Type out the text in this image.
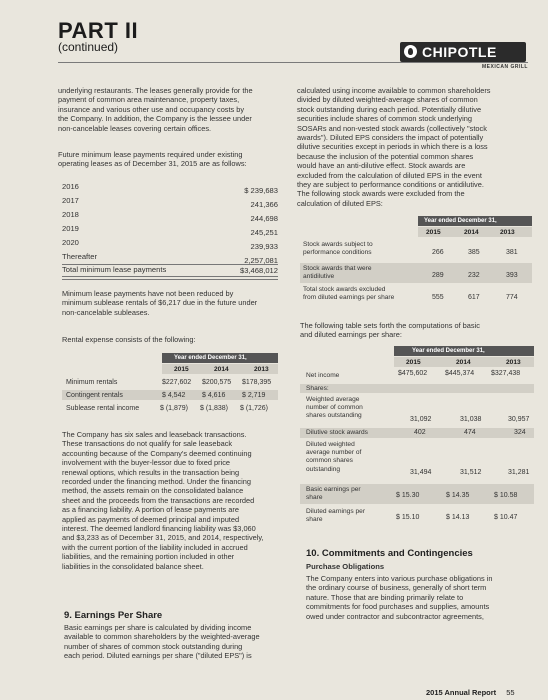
PART II
(continued)	CHIPOTLE
MEXICAN GRILL
underlying restaurants. The leases generally provide for the
payment of common area maintenance, property taxes,
insurance and various other use and occupancy costs by
the Company. In addition, the Company is the lessee under
non-cancelable leases covering certain offices.
Future minimum lease payments required under existing
operating leases as of December 31, 2015 are as follows:
2016	$ 239,683
2017	241,366
2018	244,698
2019	245,251
2020	239,933
Thereafter	2,257,081
Total minimum lease payments	$3,468,012
Minimum lease payments have not been reduced by
minimum sublease rentals of $6,217 due in the future under
non-cancelable subleases.
Rental expense consists of the following:
Year ended December 31,
2015	2014	2013
Minimum rentals	$227,602 $200,575 $178,395
Contingent rentals	$ 4,542 $ 4,616 $ 2,719
Sublease rental income	$ (1,879) $ (1,838) $ (1,726)
The Company has six sales and leaseback transactions.
These transactions do not qualify for sale leaseback
accounting because of the Company's deemed continuing
involvement with the buyer-lessor due to fixed price
renewal options, which results in the transaction being
recorded under the financing method. Under the financing
method, the assets remain on the consolidated balance
sheet and the proceeds from the transactions are recorded
as a financing liability. A portion of lease payments are
applied as payments of deemed principal and imputed
interest. The deemed landlord financing liability was $3,060
and $3,233 as of December 31, 2015, and 2014, respectively,
with the current portion of the liability included in accrued
liabilities, and the remaining portion included in other
liabilities in the consolidated balance sheet.
9. Earnings Per Share
Basic earnings per share is calculated by dividing income
available to common shareholders by the weighted-average
number of shares of common stock outstanding during
each period. Diluted earnings per share ("diluted EPS") is
calculated using income available to common shareholders
divided by diluted weighted-average shares of common
stock outstanding during each period. Potentially dilutive
securities include shares of common stock underlying
SOSARs and non-vested stock awards (collectively "stock
awards"). Diluted EPS considers the impact of potentially
dilutive securities except in periods in which there is a loss
because the inclusion of the potential common shares
would have an anti-dilutive effect. Stock awards are
excluded from the calculation of diluted EPS in the event
they are subject to performance conditions or antidilutive.
The following stock awards were excluded from the
calculation of diluted EPS:
Year ended December 31,
2015	2014	2013
Stock awards subject to
performance conditions	266	385	381
Stock awards that were
antidilutive	289	232	393
Total stock awards excluded
from diluted earnings per share	555	617	774
The following table sets forth the computations of basic
and diluted earnings per share:
Year ended December 31,
2015	2014	2013
Net income	$475,602	$445,374 $327,438
Shares:
Weighted average
number of common
shares outstanding
31,092	31,038	30,957
Dilutive stock awards	402	474	324
Diluted weighted
average number of
common shares
outstanding	31,494	31,512	31,281
Basic earnings per
share	$ 15.30	$ 14.35	$ 10.58
Diluted earnings per
share	$ 15.10	$ 14.13	$ 10.47
10. Commitments and Contingencies
Purchase Obligations
The Company enters into various purchase obligations in
the ordinary course of business, generally of short term
nature. Those that are binding primarily relate to
commitments for food purchases and supplies, amounts
owed under contractor and subcontractor agreements,
2015 Annual Report 55
